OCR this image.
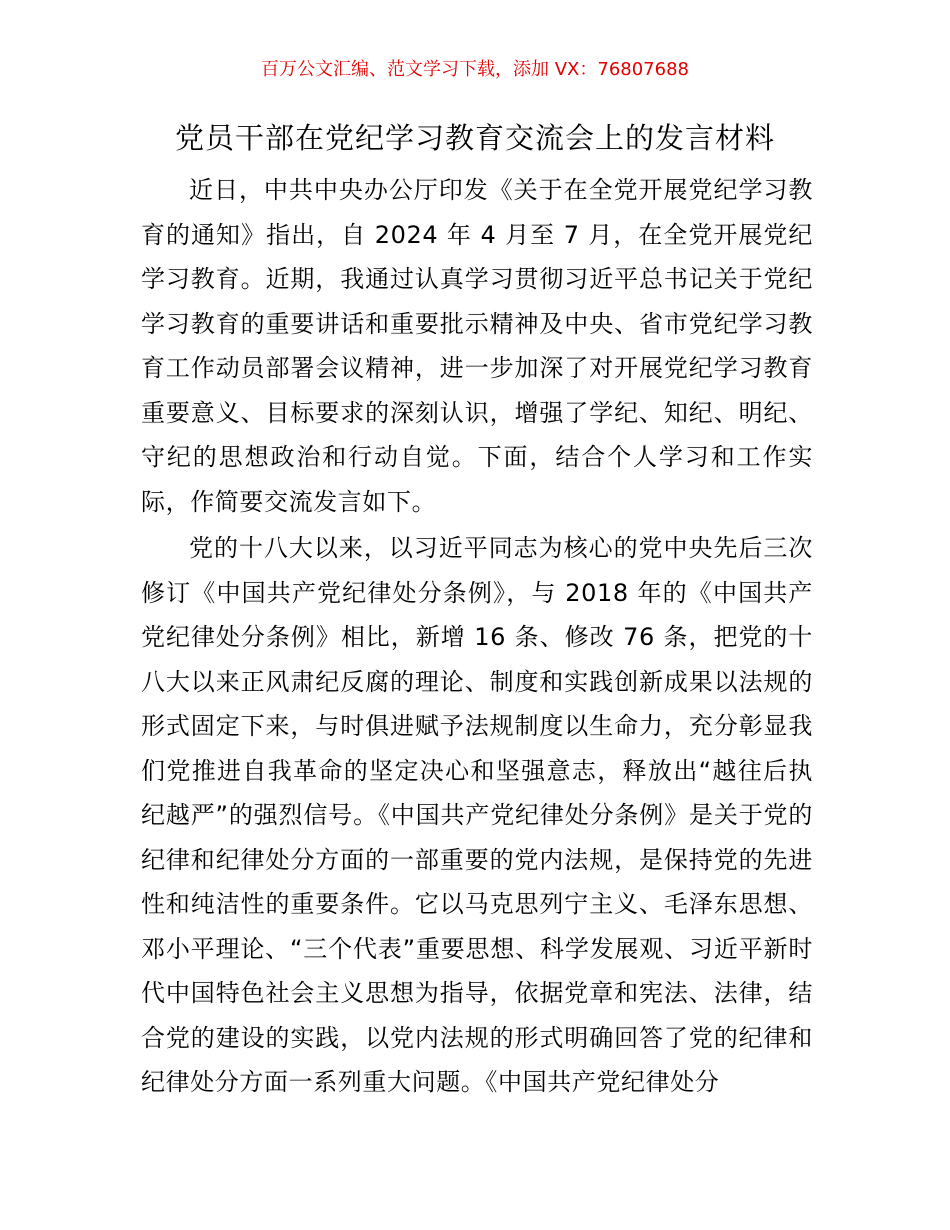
百万公文汇编、范文学习下载，添加 VX：76807688
党员干部在党纪学习教育交流会上的发言材料

近日，中共中央办公厅印发《关于在全党开展党纪学习教育的通知》指出，自 2024 年 4 月至 7 月，在全党开展党纪学习教育。近期，我通过认真学习贯彻习近平总书记关于党纪学习教育的重要讲话和重要批示精神及中央、省市党纪学习教育工作动员部署会议精神，进一步加深了对开展党纪学习教育重要意义、目标要求的深刻认识，增强了学纪、知纪、明纪、守纪的思想政治和行动自觉。下面，结合个人学习和工作实际，作简要交流发言如下。

党的十八大以来，以习近平同志为核心的党中央先后三次修订《中国共产党纪律处分条例》，与 2018 年的《中国共产党纪律处分条例》相比，新增 16 条、修改 76 条，把党的十八大以来正风肃纪反腐的理论、制度和实践创新成果以法规的形式固定下来，与时俱进赋予法规制度以生命力，充分彰显我们党推进自我革命的坚定决心和坚强意志，释放出“越往后执纪越严”的强烈信号。《中国共产党纪律处分条例》是关于党的纪律和纪律处分方面的一部重要的党内法规，是保持党的先进性和纯洁性的重要条件。它以马克思列宁主义、毛泽东思想、邓小平理论、“三个代表”重要思想、科学发展观、习近平新时代中国特色社会主义思想为指导，依据党章和宪法、法律，结合党的建设的实践，以党内法规的形式明确回答了党的纪律和纪律处分方面一系列重大问题。《中国共产党纪律处分
